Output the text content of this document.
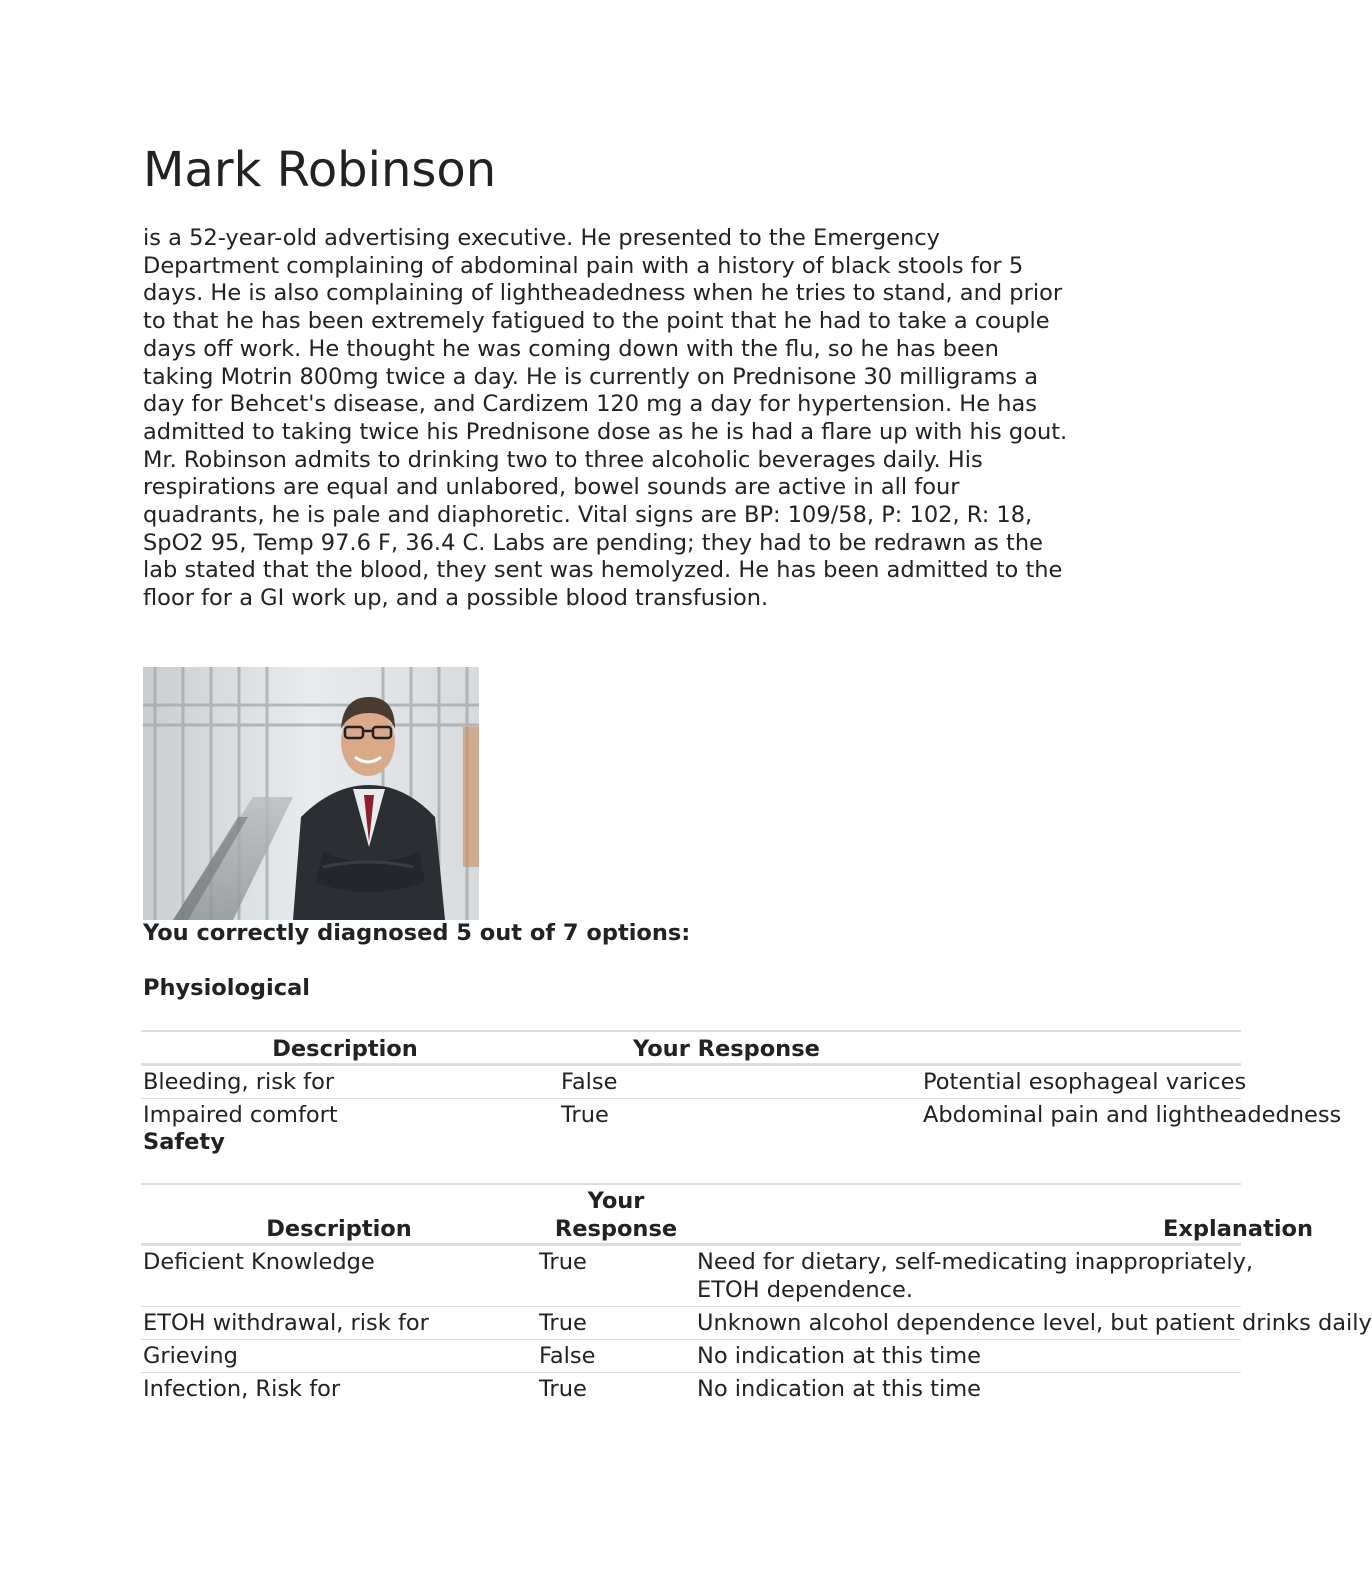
Mark Robinson

is a 52-year-old advertising executive. He presented to the Emergency Department complaining of abdominal pain with a history of black stools for 5 days. He is also complaining of lightheadedness when he tries to stand, and prior to that he has been extremely fatigued to the point that he had to take a couple days off work. He thought he was coming down with the flu, so he has been taking Motrin 800mg twice a day. He is currently on Prednisone 30 milligrams a day for Behcet's disease, and Cardizem 120 mg a day for hypertension. He has admitted to taking twice his Prednisone dose as he is had a flare up with his gout. Mr. Robinson admits to drinking two to three alcoholic beverages daily. His respirations are equal and unlabored, bowel sounds are active in all four quadrants, he is pale and diaphoretic. Vital signs are BP: 109/58, P: 102, R: 18, SpO2 95, Temp 97.6 F, 36.4 C. Labs are pending; they had to be redrawn as the lab stated that the blood, they sent was hemolyzed. He has been admitted to the floor for a GI work up, and a possible blood transfusion.

You correctly diagnosed 5 out of 7 options:
Physiological
Description	Your Response	
Bleeding, risk for	False	Potential esophageal varices
Impaired comfort	True	Abdominal pain and lightheadedness
Safety
Description	Your Response	Explanation
Deficient Knowledge	True	Need for dietary, self-medicating inappropriately, ETOH dependence.

ETOH withdrawal, risk for	True	Unknown alcohol dependence level, but patient drinks daily
Grieving	False	No indication at this time
Infection, Risk for	True	No indication at this time
